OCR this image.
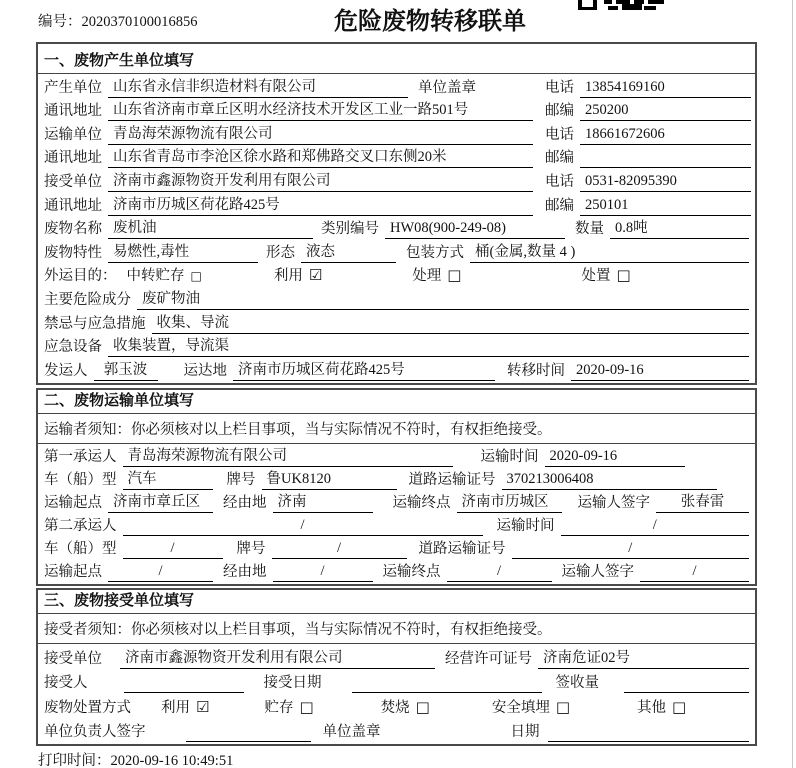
编号：2020370100016856	危险废物转移联单
一、废物产生单位填写
产生单位 山东省永信非织造材料有限公司	单位盖章	电话 13854169160
通讯地址 山东省济南市章丘区明水经济技术开发区工业一路501号	邮编 250200
运输单位 青岛海荣源物流有限公司	电话 18661672606
通讯地址 山东省青岛市李沧区徐水路和郑佛路交叉口东侧20米	邮编
接受单位 济南市鑫源物资开发利用有限公司	电话 0531-82095390
通讯地址 济南市历城区荷花路425号	邮编 250101
废物名称 废机油	类别编号 HW08(900-249-08)	数量 0.8吨
废物特性 易燃性,毒性	形态 液态	包装方式 桶(金属,数量 4 )
外运目的： 中转贮存 □	利用 ☑	处理 □	处置 □
主要危险成分 废矿物油
禁忌与应急措施 收集、导流
应急设备 收集装置，导流渠
发运人	郭玉波	运达地 济南市历城区荷花路425号	转移时间 2020-09-16
二、废物运输单位填写
运输者须知：你必须核对以上栏目事项，当与实际情况不符时，有权拒绝接受。
第一承运人 青岛海荣源物流有限公司	运输时间 2020-09-16
车（船）型 汽车	牌号 鲁UK8120	道路运输证号 370213006408
运输起点 济南市章丘区	经由地 济南	运输终点 济南市历城区	运输人签字	张春雷
第二承运人	/	运输时间	/
车（船）型	/	牌号	/	道路运输证号	/
运输起点	/	经由地	/	运输终点	/	运输人签字	/
三、废物接受单位填写
接受者须知：你必须核对以上栏目事项，当与实际情况不符时，有权拒绝接受。
接受单位	济南市鑫源物资开发利用有限公司	经营许可证号 济南危证02号
接受人	接受日期	签收量
废物处置方式 利用 ☑	贮存 □	焚烧 □	安全填埋 □	其他 □
单位负责人签字	单位盖章	日期
打印时间：2020-09-16 10:49:51
